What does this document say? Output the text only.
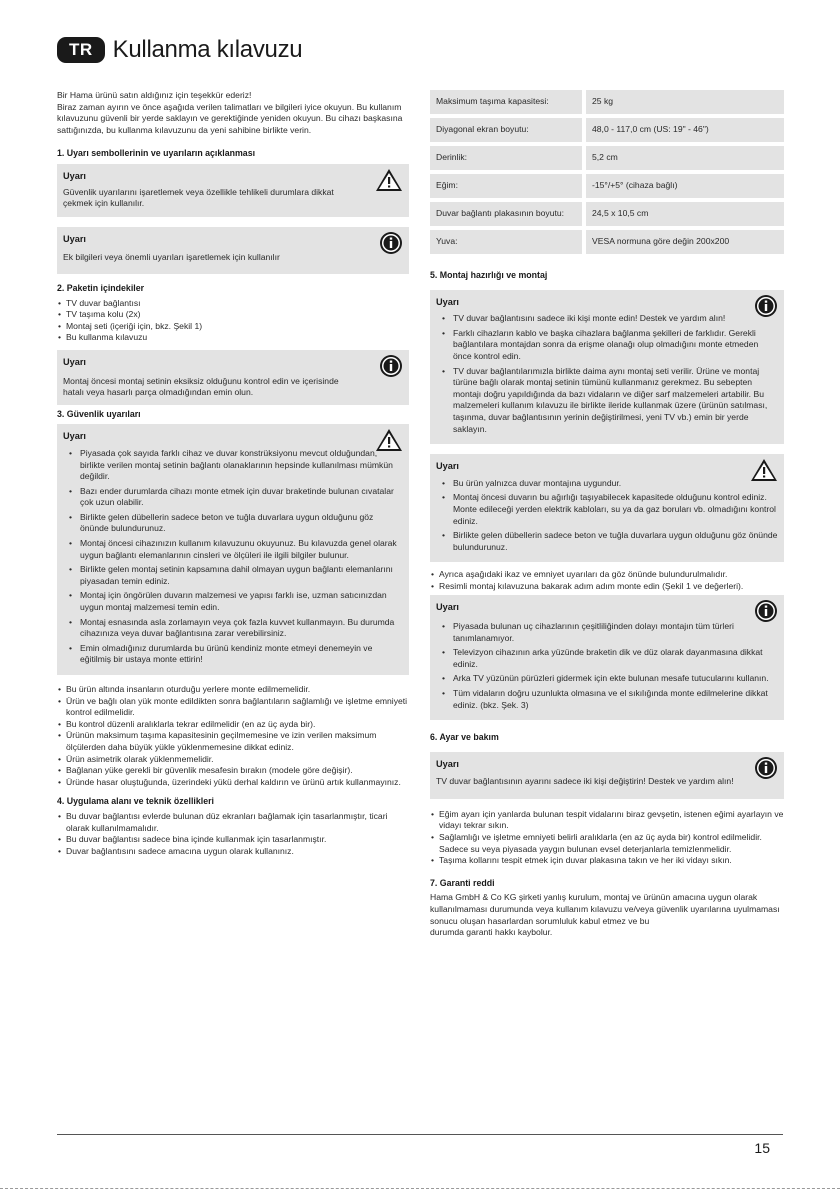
TR Kullanma kılavuzu

Bir Hama ürünü satın aldığınız için teşekkür ederiz!

Biraz zaman ayırın ve önce aşağıda verilen talimatları ve bilgileri iyice okuyun. Bu kullanım kılavuzunu güvenli bir yerde saklayın ve gerektiğinde yeniden okuyun. Bu cihazı başkasına sattığınızda, bu kullanma kılavuzunu da yeni sahibine birlikte verin.

1. Uyarı sembollerinin ve uyarıların açıklanması

Uyarı

Güvenlik uyarılarını işaretlemek veya özellikle tehlikeli durumlara dikkat çekmek için kullanılır.

Uyarı

Ek bilgileri veya önemli uyarıları işaretlemek için kullanılır

2. Paketin içindekiler

• TV duvar bağlantısı
• TV taşıma kolu (2x)
• Montaj seti (içeriği için, bkz. Şekil 1)
• Bu kullanma kılavuzu
Uyarı

Montaj öncesi montaj setinin eksiksiz olduğunu kontrol edin ve içerisinde hatalı veya hasarlı parça olmadığından emin olun.

3. Güvenlik uyarıları

Uyarı
• Piyasada çok sayıda farklı cihaz ve duvar konstrüksiyonu mevcut olduğundan, birlikte verilen montaj setinin bağlantı olanaklarının hepsinde kullanılması mümkün değildir.
• Bazı ender durumlarda cihazı monte etmek için duvar braketinde bulunan cıvatalar çok uzun olabilir.
• Birlikte gelen dübellerin sadece beton ve tuğla duvarlara uygun olduğunu göz önünde bulundurunuz.
• Montaj öncesi cihazınızın kullanım kılavuzunu okuyunuz. Bu kılavuzda genel olarak uygun bağlantı elemanlarının cinsleri ve ölçüleri ile ilgili bilgiler bulunur.
• Birlikte gelen montaj setinin kapsamına dahil olmayan uygun bağlantı elemanlarını piyasadan temin ediniz.
• Montaj için öngörülen duvarın malzemesi ve yapısı farklı ise, uzman satıcınızdan uygun montaj malzemesi temin edin.
• Montaj esnasında asla zorlamayın veya çok fazla kuvvet kullanmayın. Bu durumda cihazınıza veya duvar bağlantısına zarar verebilirsiniz.
• Emin olmadığınız durumlarda bu ürünü kendiniz monte etmeyi denemeyin ve eğitilmiş bir ustaya monte ettirin!
• Bu ürün altında insanların oturduğu yerlere monte edilmemelidir.
• Ürün ve bağlı olan yük monte edildikten sonra bağlantıların sağlamlığı ve işletme emniyeti kontrol edilmelidir.
• Bu kontrol düzenli aralıklarla tekrar edilmelidir (en az üç ayda bir).
• Ürünün maksimum taşıma kapasitesinin geçilmemesine ve izin verilen maksimum ölçülerden daha büyük yükle yüklenmemesine dikkat ediniz.
• Ürün asimetrik olarak yüklenmemelidir.
• Bağlanan yüke gerekli bir güvenlik mesafesin bırakın (modele göre değişir).
• Üründe hasar oluştuğunda, üzerindeki yükü derhal kaldırın ve ürünü artık kullanmayınız.

4. Uygulama alanı ve teknik özellikleri

• Bu duvar bağlantısı evlerde bulunan düz ekranları bağlamak için tasarlanmıştır, ticari olarak kullanılmamalıdır.
• Bu duvar bağlantısı sadece bina içinde kullanmak için tasarlanmıştır.
• Duvar bağlantısını sadece amacına uygun olarak kullanınız.
Maksimum taşıma kapasitesi:	25 kg
Diyagonal ekran boyutu:	48,0 - 117,0 cm (US: 19" - 46")
Derinlik:	5,2 cm
Eğim:	-15°/+5° (cihaza bağlı)
Duvar bağlantı plakasının boyutu:	24,5 x 10,5 cm
Yuva:	VESA normuna göre değin 200x200

5. Montaj hazırlığı ve montaj

Uyarı
• TV duvar bağlantısını sadece iki kişi monte edin! Destek ve yardım alın!
• Farklı cihazların kablo ve başka cihazlara bağlanma şekilleri de farklıdır. Gerekli bağlantılara montajdan sonra da erişme olanağı olup olmadığını monte etmeden önce kontrol edin.
• TV duvar bağlantılarımızla birlikte daima aynı montaj seti verilir. Ürüne ve montaj türüne bağlı olarak montaj setinin tümünü kullanmanız gerekmez. Bu sebepten montajı doğru yapıldığında da bazı vidaların ve diğer sarf malzemeleri artabilir. Bu malzemeleri kullanım kılavuzu ile birlikte ileride kullanmak üzere (ürünün satılması, taşınma, duvar bağlantısının yerinin değiştirilmesi, yeni TV vb.) emin bir yerde saklayın.
Uyarı
• Bu ürün yalnızca duvar montajına uygundur.
• Montaj öncesi duvarın bu ağırlığı taşıyabilecek kapasitede olduğunu kontrol ediniz. Monte edileceği yerden elektrik kabloları, su ya da gaz boruları vb. olmadığını kontrol ediniz.
• Birlikte gelen dübellerin sadece beton ve tuğla duvarlara uygun olduğunu göz önünde bulundurunuz.
• Ayrıca aşağıdaki ikaz ve emniyet uyarıları da göz önünde bulundurulmalıdır.
• Resimli montaj kılavuzuna bakarak adım adım monte edin (Şekil 1 ve değerleri).
Uyarı
• Piyasada bulunan uç cihazlarının çeşitliliğinden dolayı montajın tüm türleri tanımlanamıyor.
• Televizyon cihazının arka yüzünde braketin dik ve düz olarak dayanmasına dikkat ediniz.
• Arka TV yüzünün pürüzleri gidermek için ekte bulunan mesafe tutucularını kullanın.
• Tüm vidaların doğru uzunlukta olmasına ve el sıkılığında monte edilmelerine dikkat ediniz. (bkz. Şek. 3)

6. Ayar ve bakım

Uyarı

TV duvar bağlantısının ayarını sadece iki kişi değiştirin! Destek ve yardım alın!

• Eğim ayarı için yanlarda bulunan tespit vidalarını biraz gevşetin, istenen eğimi ayarlayın ve vidayı tekrar sıkın.
• Sağlamlığı ve işletme emniyeti belirli aralıklarla (en az üç ayda bir) kontrol edilmelidir. Sadece su veya piyasada yaygın bulunan evsel deterjanlarla temizlenmelidir.
• Taşıma kollarını tespit etmek için duvar plakasına takın ve her iki vidayı sıkın.

7. Garanti reddi

Hama GmbH & Co KG şirketi yanlış kurulum, montaj ve ürünün amacına uygun olarak kullanılmaması durumunda veya kullanım kılavuzu ve/veya güvenlik uyarılarına uyulmaması sonucu oluşan hasarlardan sorumluluk kabul etmez ve bu

durumda garanti hakkı kaybolur.

15
